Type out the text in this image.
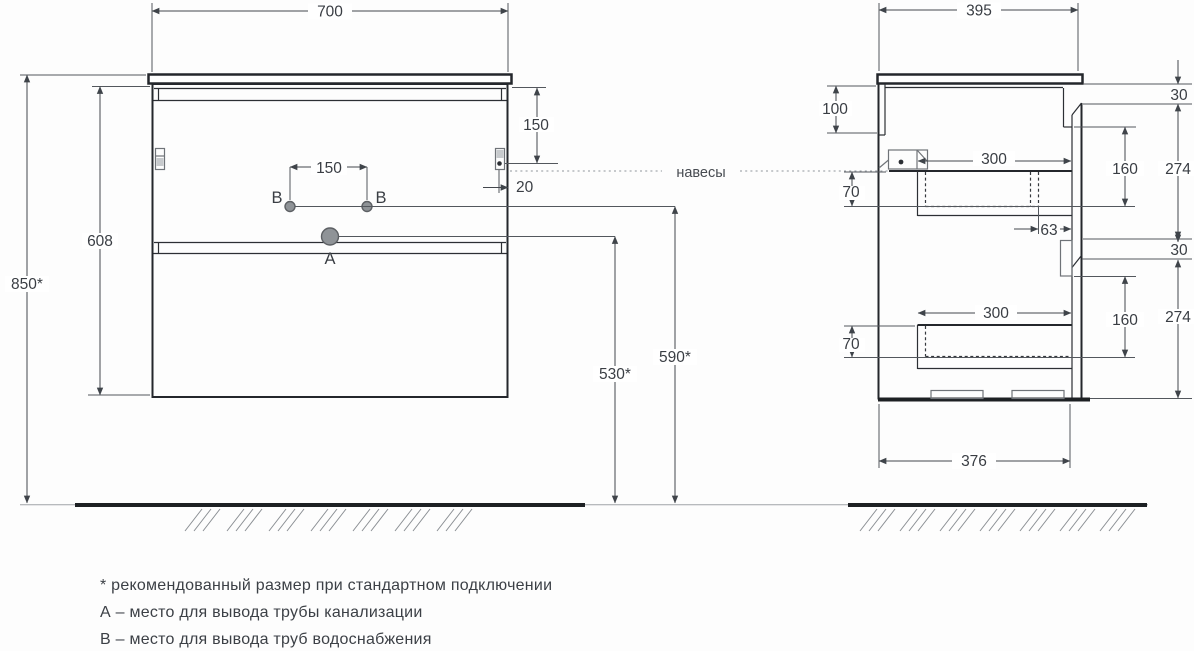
B	B
A
навесы
700
850*
608
150
150
20
590*
530*
395
100
70
300
63
160
30
274
30
70
300	160 274
376
* рекомендованный размер при стандартном подключении
А – место для вывода трубы канализации
В – место для вывода труб водоснабжения
